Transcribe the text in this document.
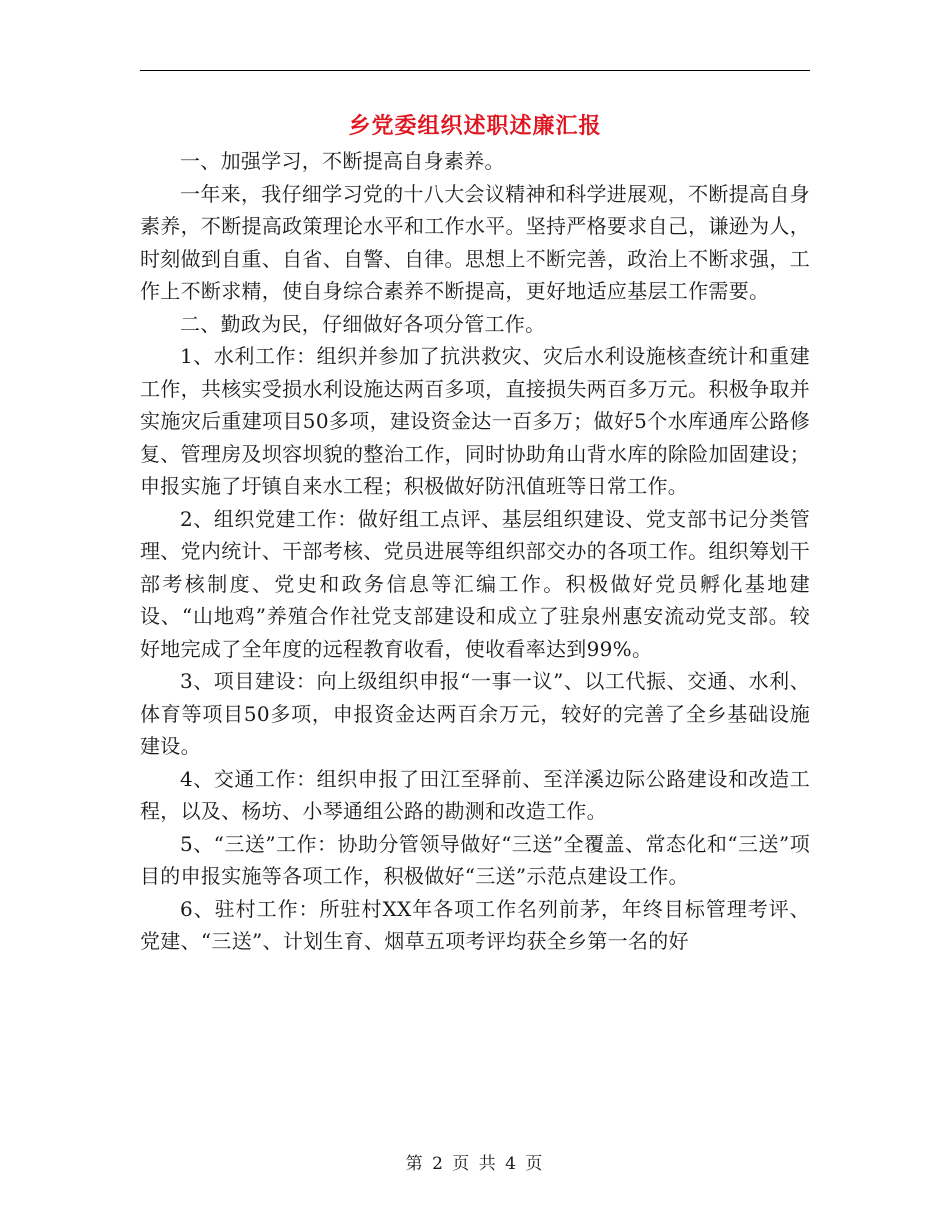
乡党委组织述职述廉汇报

一、加强学习，不断提高自身素养。

一年来，我仔细学习党的十八大会议精神和科学进展观，不断提高自身素养，不断提高政策理论水平和工作水平。坚持严格要求自己，谦逊为人，时刻做到自重、自省、自警、自律。思想上不断完善，政治上不断求强，工作上不断求精，使自身综合素养不断提高，更好地适应基层工作需要。

二、勤政为民，仔细做好各项分管工作。

1、水利工作：组织并参加了抗洪救灾、灾后水利设施核查统计和重建工作，共核实受损水利设施达两百多项，直接损失两百多万元。积极争取并实施灾后重建项目50多项，建设资金达一百多万；做好5个水库通库公路修复、管理房及坝容坝貌的整治工作，同时协助角山背水库的除险加固建设；申报实施了圩镇自来水工程；积极做好防汛值班等日常工作。

2、组织党建工作：做好组工点评、基层组织建设、党支部书记分类管理、党内统计、干部考核、党员进展等组织部交办的各项工作。组织筹划干部考核制度、党史和政务信息等汇编工作。积极做好党员孵化基地建设、“山地鸡”养殖合作社党支部建设和成立了驻泉州惠安流动党支部。较好地完成了全年度的远程教育收看，使收看率达到99%。

3、项目建设：向上级组织申报“一事一议”、以工代振、交通、水利、体育等项目50多项，申报资金达两百余万元，较好的完善了全乡基础设施建设。

4、交通工作：组织申报了田江至驿前、至洋溪边际公路建设和改造工程，以及、杨坊、小琴通组公路的勘测和改造工作。

5、“三送”工作：协助分管领导做好“三送”全覆盖、常态化和“三送”项目的申报实施等各项工作，积极做好“三送”示范点建设工作。

6、驻村工作：所驻村XX年各项工作名列前茅，年终目标管理考评、党建、“三送”、计划生育、烟草五项考评均获全乡第一名的好

第 2 页 共 4 页
